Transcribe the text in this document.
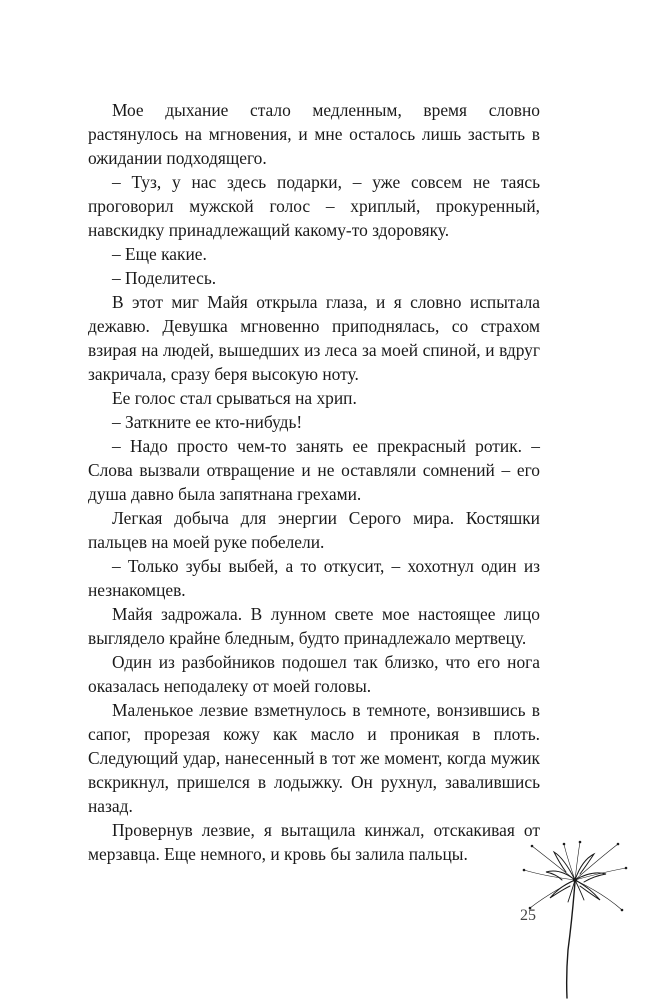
Мое дыхание стало медленным, время словно растянулось на мгновения, и мне осталось лишь застыть в ожидании подходящего.

– Туз, у нас здесь подарки, – уже совсем не таясь проговорил мужской голос – хриплый, прокуренный, навскидку принадлежащий какому-то здоровяку.

– Еще какие.

– Поделитесь.

В этот миг Майя открыла глаза, и я словно испытала дежавю. Девушка мгновенно приподнялась, со страхом взирая на людей, вышедших из леса за моей спиной, и вдруг закричала, сразу беря высокую ноту.

Ее голос стал срываться на хрип.

– Заткните ее кто-нибудь!

– Надо просто чем-то занять ее прекрасный ротик. – Слова вызвали отвращение и не оставляли сомнений – его душа давно была запятнана грехами.

Легкая добыча для энергии Серого мира. Костяшки пальцев на моей руке побелели.

– Только зубы выбей, а то откусит, – хохотнул один из незнакомцев.

Майя задрожала. В лунном свете мое настоящее лицо выглядело крайне бледным, будто принадлежало мертвецу.

Один из разбойников подошел так близко, что его нога оказалась неподалеку от моей головы.

Маленькое лезвие взметнулось в темноте, вонзившись в сапог, прорезая кожу как масло и проникая в плоть. Следующий удар, нанесенный в тот же момент, когда мужик вскрикнул, пришелся в лодыжку. Он рухнул, завалившись назад.

Провернув лезвие, я вытащила кинжал, отскакивая от мерзавца. Еще немного, и кровь бы залила пальцы.

25
